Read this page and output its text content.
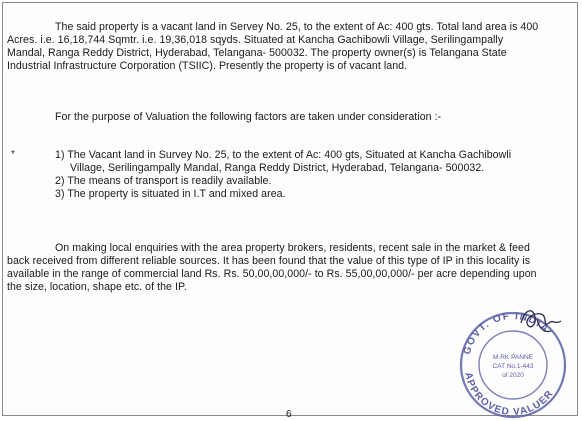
The said property is a vacant land in Servey No. 25, to the extent of Ac: 400 gts. Total land area is 400
Acres. i.e. 16,18,744 Sqmtr. i.e. 19,36,018 sqyds. Situated at Kancha Gachibowli Village, Serilingampally
Mandal, Ranga Reddy District, Hyderabad, Telangana- 500032. The property owner(s) is Telangana State
Industrial Infrastructure Corporation (TSIIC). Presently the property is of vacant land.
For the purpose of Valuation the following factors are taken under consideration :-
*	1) The Vacant land in Survey No. 25, to the extent of Ac: 400 gts, Situated at Kancha Gachibowli
Village, Serilingampally Mandal, Ranga Reddy District, Hyderabad, Telangana- 500032.
2) The means of transport is readily available.
3) The property is situated in I.T and mixed area.
On making local enquiries with the area property brokers, residents, recent sale in the market & feed
back received from different reliable sources. It has been found that the value of this type of IP in this locality is
available in the range of commercial land Rs. Rs. 50,00,00,000/- to Rs. 55,00,00,000/- per acre depending upon
the size, location, shape etc. of the IP.
GOVT. OF INDIA
APPROVED VALUER
M.RK PANNE
CAT No.1-443
of 2020
6
